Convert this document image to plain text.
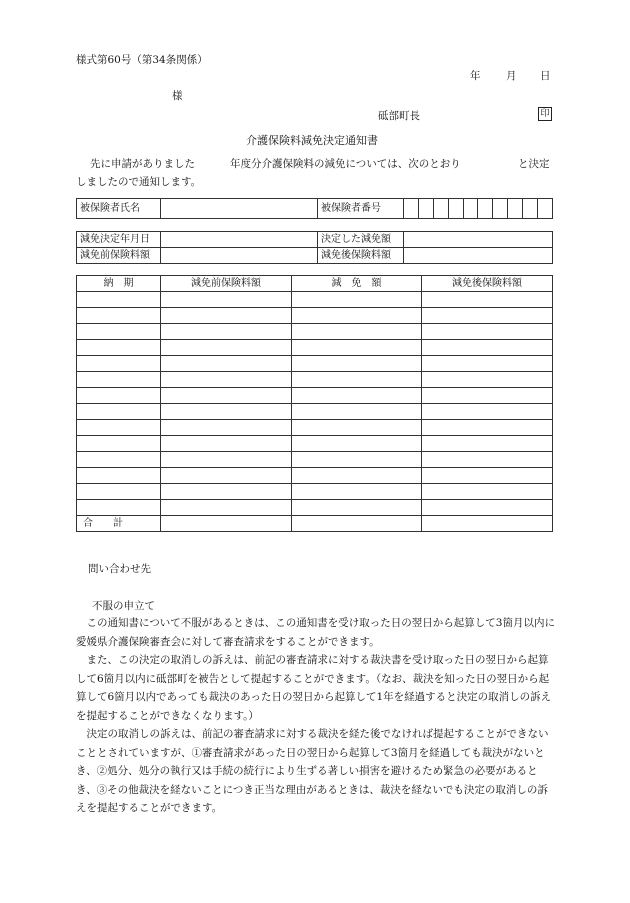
様式第60号（第34条関係）
年 月 日
様
砥部町長	印
介護保険料減免決定通知書
先に申請がありました	年度分介護保険料の減免については、次のとおり	と決定
しましたので通知します。
被保険者氏名		被保険者番号										
減免決定年月日		決定した減免額	
減免前保険料額		減免後保険料額	
納　期	減免前保険料額	減　免　額	減免後保険料額

合　　計			
問い合わせ先
不服の申立て

この通知書について不服があるときは、この通知書を受け取った日の翌日から起算して3箇月以内に愛媛県介護保険審査会に対して審査請求をすることができます。

また、この決定の取消しの訴えは、前記の審査請求に対する裁決書を受け取った日の翌日から起算して6箇月以内に砥部町を被告として提起することができます。（なお、裁決を知った日の翌日から起算して6箇月以内であっても裁決のあった日の翌日から起算して1年を経過すると決定の取消しの訴えを提起することができなくなります。）

決定の取消しの訴えは、前記の審査請求に対する裁決を経た後でなければ提起することができないこととされていますが、①審査請求があった日の翌日から起算して3箇月を経過しても裁決がないとき、②処分、処分の執行又は手続の続行により生ずる著しい損害を避けるため緊急の必要があるとき、③その他裁決を経ないことにつき正当な理由があるときは、裁決を経ないでも決定の取消しの訴えを提起することができます。
